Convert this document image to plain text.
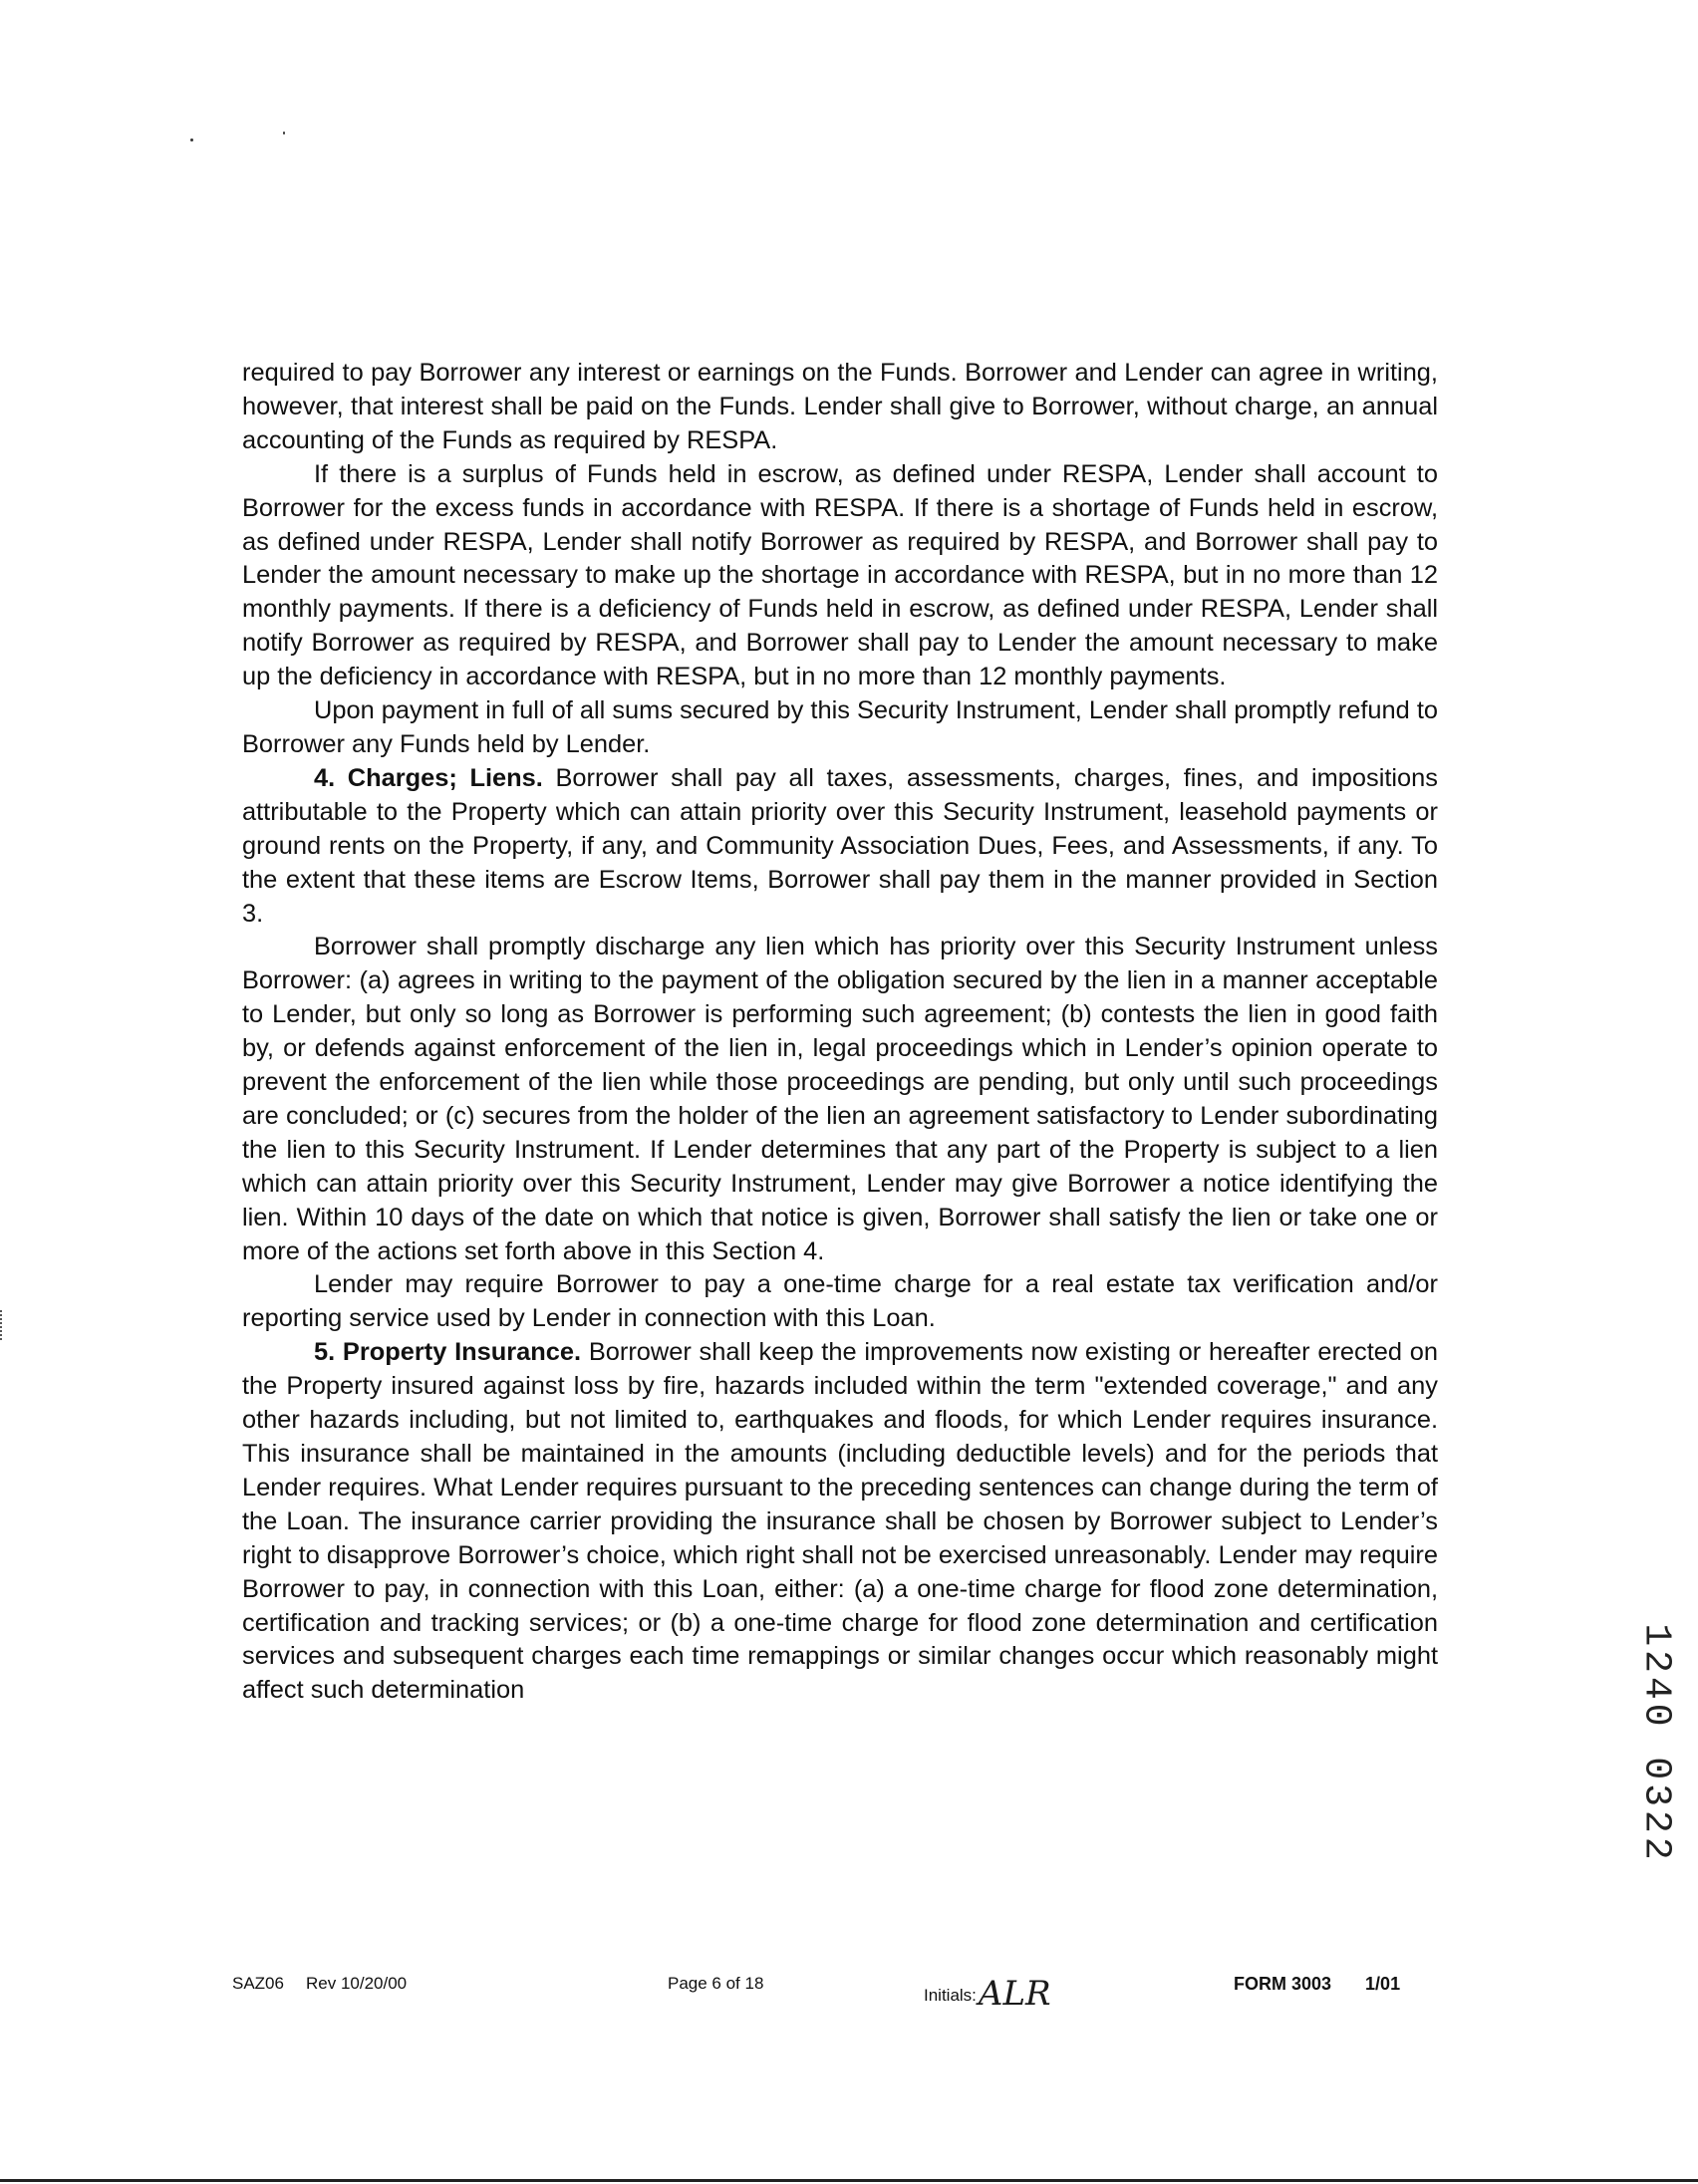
required to pay Borrower any interest or earnings on the Funds. Borrower and Lender can agree in writing, however, that interest shall be paid on the Funds. Lender shall give to Borrower, without charge, an annual accounting of the Funds as required by RESPA.

If there is a surplus of Funds held in escrow, as defined under RESPA, Lender shall account to Borrower for the excess funds in accordance with RESPA. If there is a shortage of Funds held in escrow, as defined under RESPA, Lender shall notify Borrower as required by RESPA, and Borrower shall pay to Lender the amount necessary to make up the shortage in accordance with RESPA, but in no more than 12 monthly payments. If there is a deficiency of Funds held in escrow, as defined under RESPA, Lender shall notify Borrower as required by RESPA, and Borrower shall pay to Lender the amount necessary to make up the deficiency in accordance with RESPA, but in no more than 12 monthly payments.

Upon payment in full of all sums secured by this Security Instrument, Lender shall promptly refund to Borrower any Funds held by Lender.

4. Charges; Liens. Borrower shall pay all taxes, assessments, charges, fines, and impositions attributable to the Property which can attain priority over this Security Instrument, leasehold payments or ground rents on the Property, if any, and Community Association Dues, Fees, and Assessments, if any. To the extent that these items are Escrow Items, Borrower shall pay them in the manner provided in Section 3.

Borrower shall promptly discharge any lien which has priority over this Security Instrument unless Borrower: (a) agrees in writing to the payment of the obligation secured by the lien in a manner acceptable to Lender, but only so long as Borrower is performing such agreement; (b) contests the lien in good faith by, or defends against enforcement of the lien in, legal proceedings which in Lender’s opinion operate to prevent the enforcement of the lien while those proceedings are pending, but only until such proceedings are concluded; or (c) secures from the holder of the lien an agreement satisfactory to Lender subordinating the lien to this Security Instrument. If Lender determines that any part of the Property is subject to a lien which can attain priority over this Security Instrument, Lender may give Borrower a notice identifying the lien. Within 10 days of the date on which that notice is given, Borrower shall satisfy the lien or take one or more of the actions set forth above in this Section 4.

Lender may require Borrower to pay a one-time charge for a real estate tax verification and/or reporting service used by Lender in connection with this Loan.

5. Property Insurance. Borrower shall keep the improvements now existing or hereafter erected on the Property insured against loss by fire, hazards included within the term "extended coverage," and any other hazards including, but not limited to, earthquakes and floods, for which Lender requires insurance. This insurance shall be maintained in the amounts (including deductible levels) and for the periods that Lender requires. What Lender requires pursuant to the preceding sentences can change during the term of the Loan. The insurance carrier providing the insurance shall be chosen by Borrower subject to Lender’s right to disapprove Borrower’s choice, which right shall not be exercised unreasonably. Lender may require Borrower to pay, in connection with this Loan, either: (a) a one-time charge for flood zone determination, certification and tracking services; or (b) a one-time charge for flood zone determination and certification services and subsequent charges each time remappings or similar changes occur which reasonably might affect such determination

SAZ06 Rev 10/20/00	Page 6 of 18
Initials: ALR	FORM 3003 1/01
1240 0322
